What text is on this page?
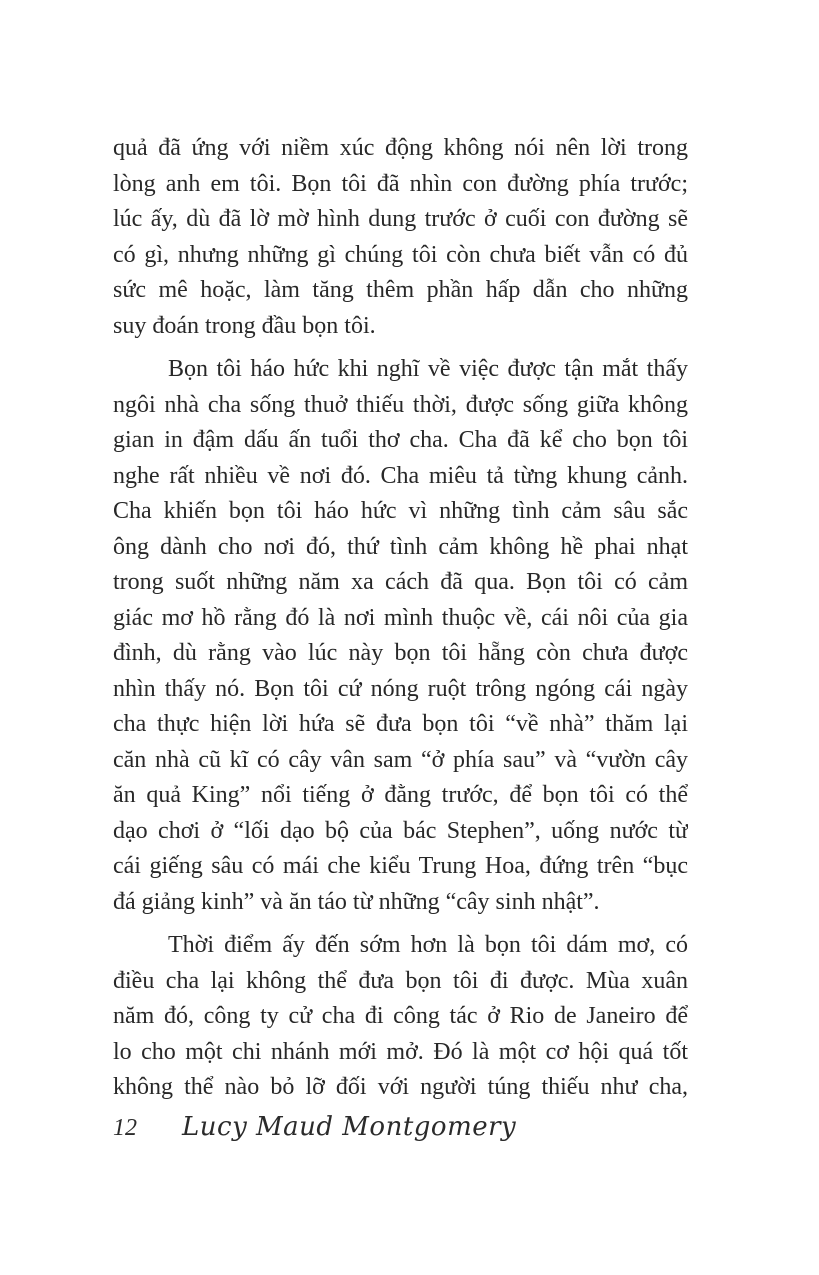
quả đã ứng với niềm xúc động không nói nên lời trong
lòng anh em tôi. Bọn tôi đã nhìn con đường phía trước;
lúc ấy, dù đã lờ mờ hình dung trước ở cuối con đường sẽ
có gì, nhưng những gì chúng tôi còn chưa biết vẫn có đủ
sức mê hoặc, làm tăng thêm phần hấp dẫn cho những
suy đoán trong đầu bọn tôi.
Bọn tôi háo hức khi nghĩ về việc được tận mắt thấy
ngôi nhà cha sống thuở thiếu thời, được sống giữa không
gian in đậm dấu ấn tuổi thơ cha. Cha đã kể cho bọn tôi
nghe rất nhiều về nơi đó. Cha miêu tả từng khung cảnh.
Cha khiến bọn tôi háo hức vì những tình cảm sâu sắc
ông dành cho nơi đó, thứ tình cảm không hề phai nhạt
trong suốt những năm xa cách đã qua. Bọn tôi có cảm
giác mơ hồ rằng đó là nơi mình thuộc về, cái nôi của gia
đình, dù rằng vào lúc này bọn tôi hẵng còn chưa được
nhìn thấy nó. Bọn tôi cứ nóng ruột trông ngóng cái ngày
cha thực hiện lời hứa sẽ đưa bọn tôi “về nhà” thăm lại
căn nhà cũ kĩ có cây vân sam “ở phía sau” và “vườn cây
ăn quả King” nổi tiếng ở đằng trước, để bọn tôi có thể
dạo chơi ở “lối dạo bộ của bác Stephen”, uống nước từ
cái giếng sâu có mái che kiểu Trung Hoa, đứng trên “bục
đá giảng kinh” và ăn táo từ những “cây sinh nhật”.
Thời điểm ấy đến sớm hơn là bọn tôi dám mơ, có
điều cha lại không thể đưa bọn tôi đi được. Mùa xuân
năm đó, công ty cử cha đi công tác ở Rio de Janeiro để
lo cho một chi nhánh mới mở. Đó là một cơ hội quá tốt
không thể nào bỏ lỡ đối với người túng thiếu như cha,
12 Lucy Maud Montgomery
